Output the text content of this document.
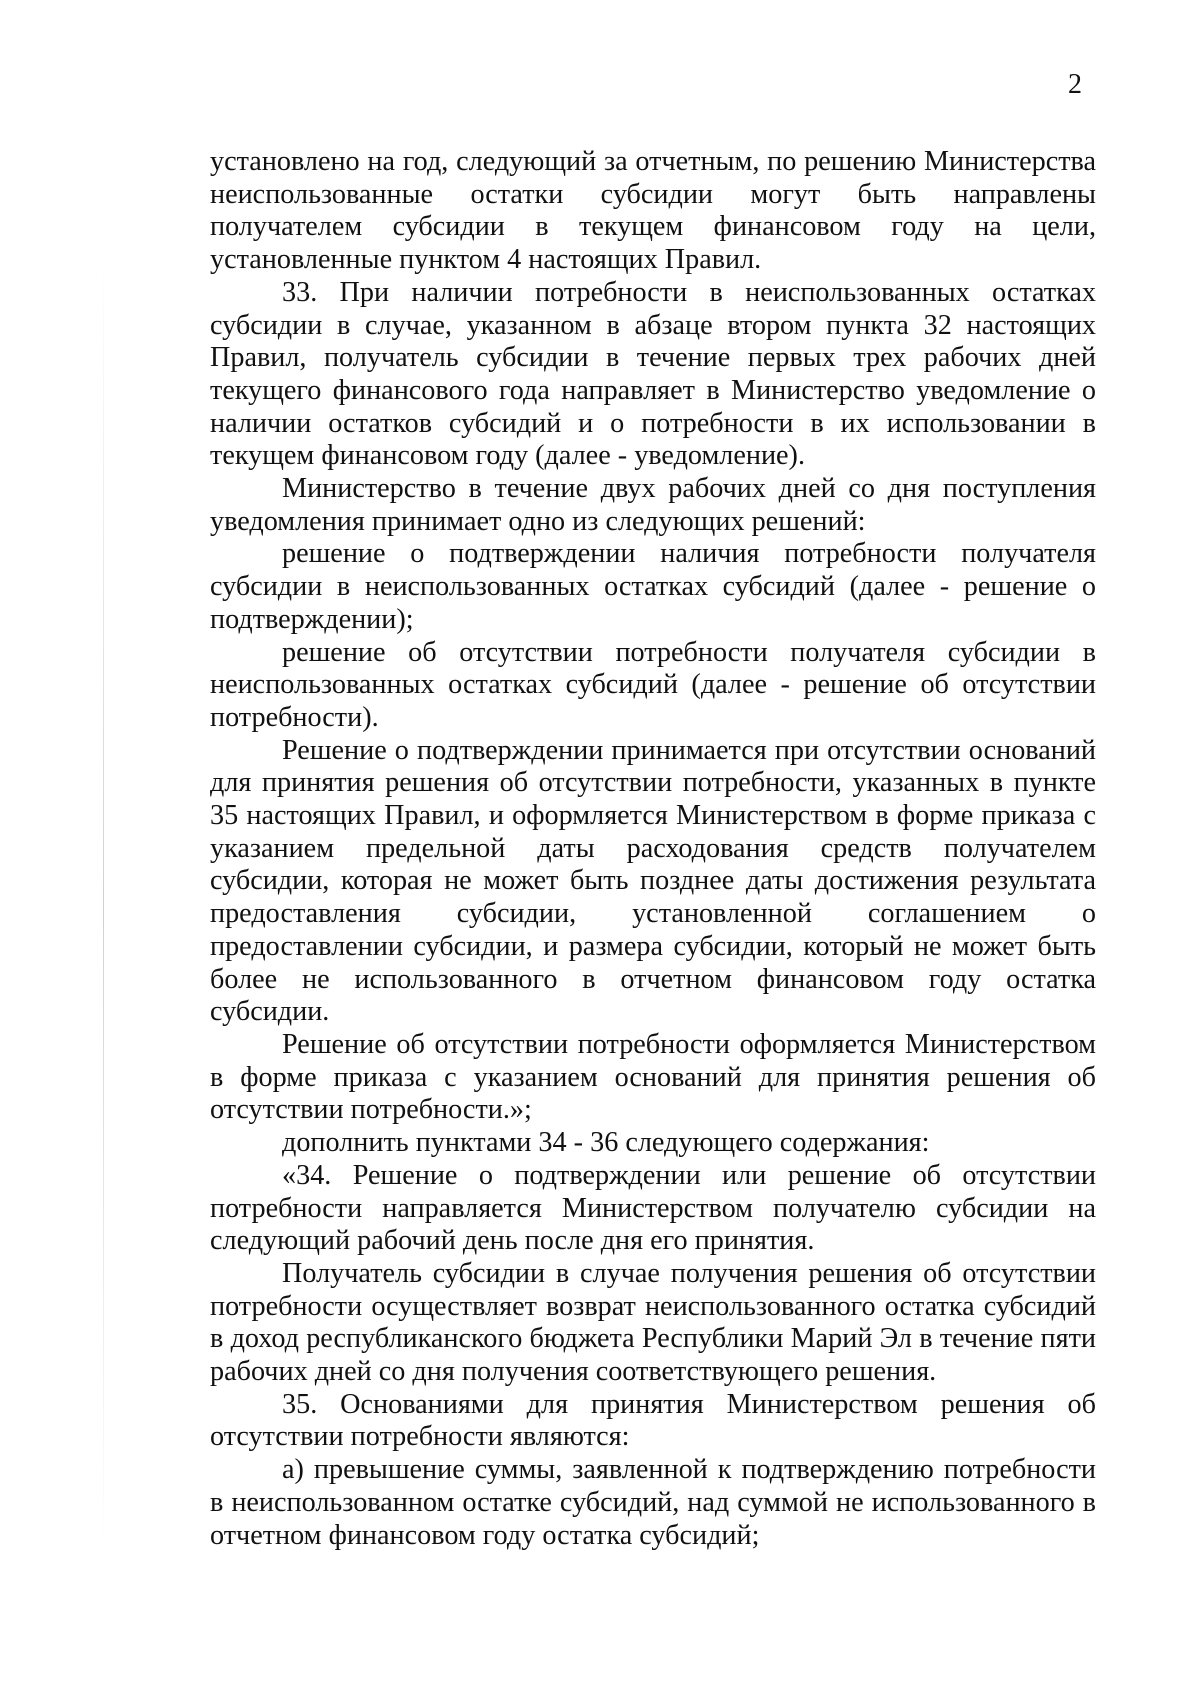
2

установлено на год, следующий за отчетным, по решению Министерства неиспользованные остатки субсидии могут быть направлены получателем субсидии в текущем финансовом году на цели, установленные пунктом 4 настоящих Правил.

33. При наличии потребности в неиспользованных остатках субсидии в случае, указанном в абзаце втором пункта 32 настоящих Правил, получатель субсидии в течение первых трех рабочих дней текущего финансового года направляет в Министерство уведомление о наличии остатков субсидий и о потребности в их использовании в текущем финансовом году (далее - уведомление).

Министерство в течение двух рабочих дней со дня поступления уведомления принимает одно из следующих решений:

решение о подтверждении наличия потребности получателя субсидии в неиспользованных остатках субсидий (далее - решение о подтверждении);

решение об отсутствии потребности получателя субсидии в неиспользованных остатках субсидий (далее - решение об отсутствии потребности).

Решение о подтверждении принимается при отсутствии оснований для принятия решения об отсутствии потребности, указанных в пункте 35 настоящих Правил, и оформляется Министерством в форме приказа с указанием предельной даты расходования средств получателем субсидии, которая не может быть позднее даты достижения результата предоставления субсидии, установленной соглашением о предоставлении субсидии, и размера субсидии, который не может быть более не использованного в отчетном финансовом году остатка субсидии.

Решение об отсутствии потребности оформляется Министерством в форме приказа с указанием оснований для принятия решения об отсутствии потребности.»;

дополнить пунктами 34 - 36 следующего содержания:

«34. Решение о подтверждении или решение об отсутствии потребности направляется Министерством получателю субсидии на следующий рабочий день после дня его принятия.

Получатель субсидии в случае получения решения об отсутствии потребности осуществляет возврат неиспользованного остатка субсидий в доход республиканского бюджета Республики Марий Эл в течение пяти рабочих дней со дня получения соответствующего решения.

35. Основаниями для принятия Министерством решения об отсутствии потребности являются:

а) превышение суммы, заявленной к подтверждению потребности в неиспользованном остатке субсидий, над суммой не использованного в отчетном финансовом году остатка субсидий;
